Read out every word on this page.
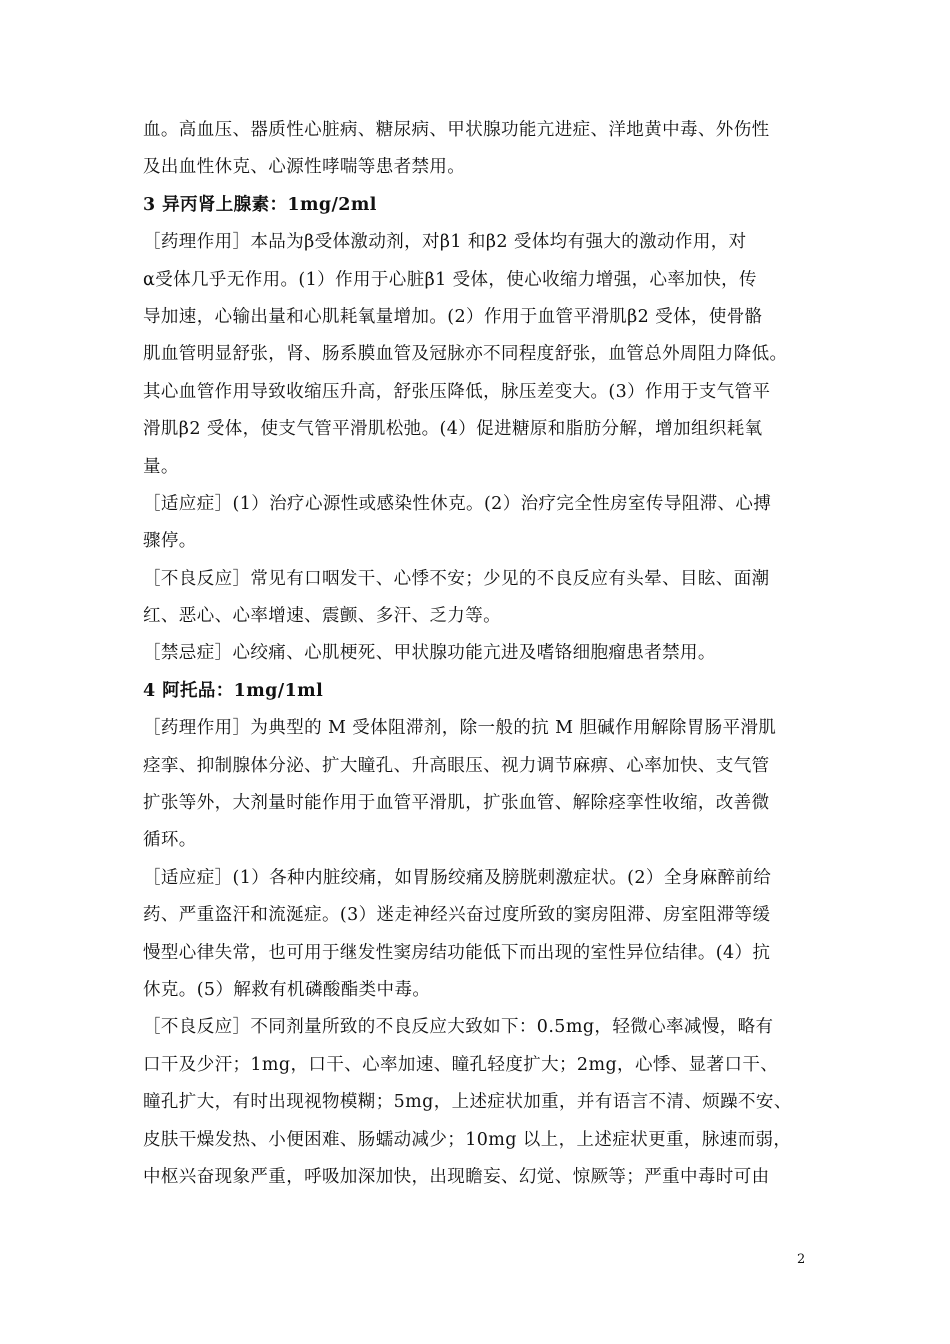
血。高血压、器质性心脏病、糖尿病、甲状腺功能亢进症、洋地黄中毒、外伤性
及出血性休克、心源性哮喘等患者禁用。
3 异丙肾上腺素：1mg/2ml
［药理作用］本品为β受体激动剂，对β1 和β2 受体均有强大的激动作用，对
α受体几乎无作用。(1）作用于心脏β1 受体，使心收缩力增强，心率加快，传
导加速，心输出量和心肌耗氧量增加。(2）作用于血管平滑肌β2 受体，使骨骼
肌血管明显舒张，肾、肠系膜血管及冠脉亦不同程度舒张，血管总外周阻力降低。
其心血管作用导致收缩压升高，舒张压降低，脉压差变大。(3）作用于支气管平
滑肌β2 受体，使支气管平滑肌松弛。(4）促进糖原和脂肪分解，增加组织耗氧
量。
［适应症］(1）治疗心源性或感染性休克。(2）治疗完全性房室传导阻滞、心搏
骤停。
［不良反应］常见有口咽发干、心悸不安；少见的不良反应有头晕、目眩、面潮
红、恶心、心率增速、震颤、多汗、乏力等。
［禁忌症］心绞痛、心肌梗死、甲状腺功能亢进及嗜铬细胞瘤患者禁用。
4 阿托品：1mg/1ml
［药理作用］为典型的 M 受体阻滞剂，除一般的抗 M 胆碱作用解除胃肠平滑肌
痉挛、抑制腺体分泌、扩大瞳孔、升高眼压、视力调节麻痹、心率加快、支气管
扩张等外，大剂量时能作用于血管平滑肌，扩张血管、解除痉挛性收缩，改善微
循环。
［适应症］(1）各种内脏绞痛，如胃肠绞痛及膀胱刺激症状。(2）全身麻醉前给
药、严重盗汗和流涎症。(3）迷走神经兴奋过度所致的窦房阻滞、房室阻滞等缓
慢型心律失常，也可用于继发性窦房结功能低下而出现的室性异位结律。(4）抗
休克。(5）解救有机磷酸酯类中毒。
［不良反应］不同剂量所致的不良反应大致如下：0.5mg，轻微心率减慢，略有
口干及少汗；1mg，口干、心率加速、瞳孔轻度扩大；2mg，心悸、显著口干、
瞳孔扩大，有时出现视物模糊；5mg，上述症状加重，并有语言不清、烦躁不安、
皮肤干燥发热、小便困难、肠蠕动减少；10mg 以上，上述症状更重，脉速而弱，
中枢兴奋现象严重，呼吸加深加快，出现瞻妄、幻觉、惊厥等；严重中毒时可由
2
